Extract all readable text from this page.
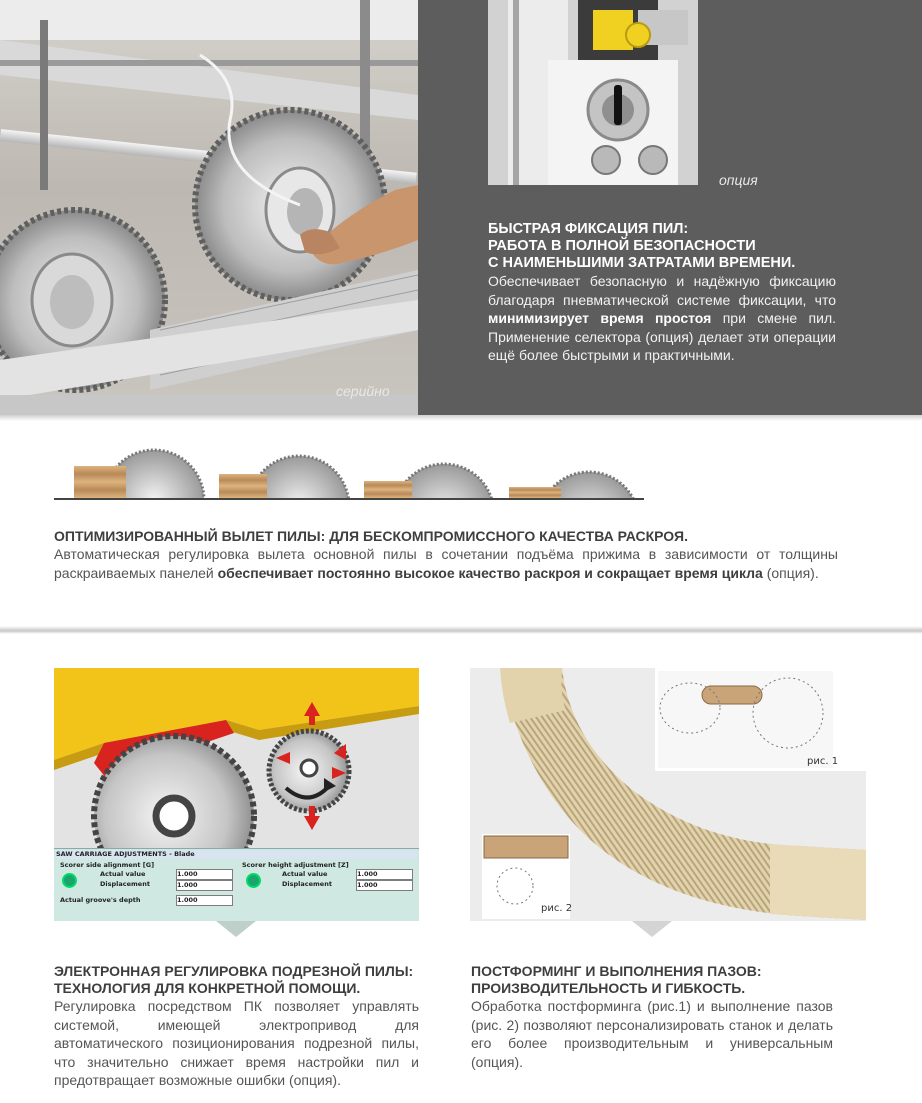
серийно
опция

БЫСТРАЯ ФИКСАЦИЯ ПИЛ:
РАБОТА В ПОЛНОЙ БЕЗОПАСНОСТИ
С НАИМЕНЬШИМИ ЗАТРАТАМИ ВРЕМЕНИ.

Обеспечивает безопасную и надёжную фиксацию благодаря пневматической системе фиксации, что минимизирует время простоя при смене пил. Применение селектора (опция) делает эти операции ещё более быстрыми и практичными.

ОПТИМИЗИРОВАННЫЙ ВЫЛЕТ ПИЛЫ: ДЛЯ БЕСКОМПРОМИССНОГО КАЧЕСТВА РАСКРОЯ.

Автоматическая регулировка вылета основной пилы в сочетании подъёма прижима в зависимости от толщины раскраиваемых панелей обеспечивает постоянно высокое качество раскроя и сокращает время цикла (опция).

SAW CARRIAGE ADJUSTMENTS - Blade
Scorer side alignment [G]	Scorer height adjustment [Z]
Actual value
Displacement
1.000
1.000
Actual value
Displacement
1.000
1.000
Actual groove's depth	1.000

ЭЛЕКТРОННАЯ РЕГУЛИРОВКА ПОДРЕЗНОЙ ПИЛЫ:
ТЕХНОЛОГИЯ ДЛЯ КОНКРЕТНОЙ ПОМОЩИ.

Регулировка посредством ПК позволяет управлять системой, имеющей электропривод для автоматического позиционирования подрезной пилы, что значительно снижает время настройки пил и предотвращает возможные ошибки (опция).

рис. 1
рис. 2

ПОСТФОРМИНГ И ВЫПОЛНЕНИЯ ПАЗОВ:
ПРОИЗВОДИТЕЛЬНОСТЬ И ГИБКОСТЬ.

Обработка постформинга (рис.1) и выполнение пазов (рис. 2) позволяют персонализировать станок и делать его более производительным и универсальным (опция).
